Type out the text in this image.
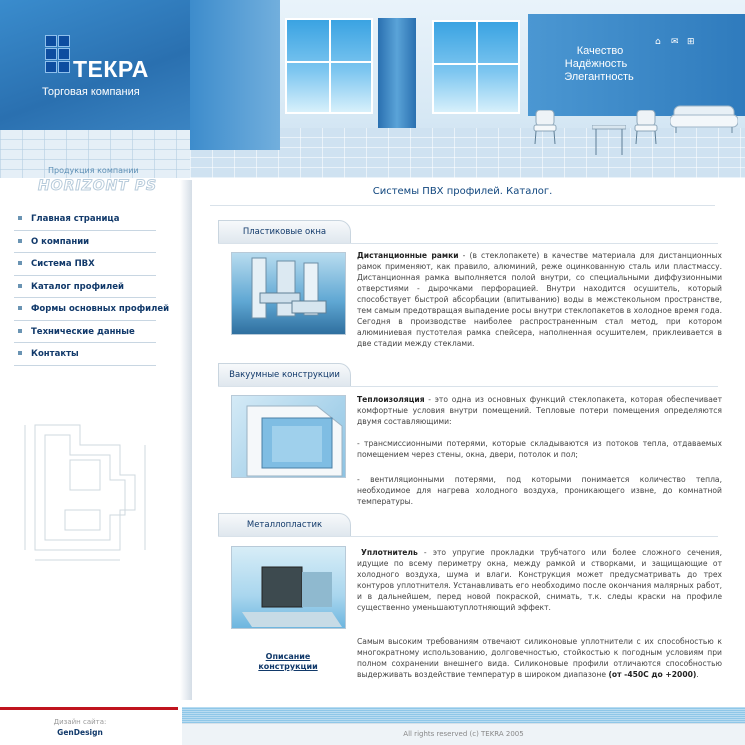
ТЕКРА
Торговая компания
⌂ ✉ ⊞
Качество
Надёжность
Элегантность
Продукция компании
HORIZONT PS
Главная страница
О компании
Система ПВХ
Каталог профилей
Формы основных профилей
Технические данные
Контакты
Системы ПВХ профилей. Каталог.
Пластиковые окна
Дистанционные рамки - (в стеклопакете) в качестве материала для дистанционных рамок применяют, как правило, алюминий, реже оцинкованную сталь или пластмассу. Дистанционная рамка выполняется полой внутри, со специальными диффузионными отверстиями - дырочками перфорацией. Внутри находится осушитель, который способствует быстрой абсорбации (впитыванию) воды в межстекольном пространстве, тем самым предотвращая выпадение росы внутри стеклопакетов в холодное время года. Сегодня в производстве наиболее распространенным стал метод, при котором алюминиевая пустотелая рамка спейсера, наполненная осушителем, приклеивается в две стадии между стеклами.
Вакуумные конструкции
Теплоизоляция - это одна из основных функций стеклопакета, которая обеспечивает комфортные условия внутри помещений. Тепловые потери помещения определяются двумя составляющими:
- трансмиссионными потерями, которые складываются из потоков тепла, отдаваемых помещением через стены, окна, двери, потолок и пол;
- вентиляционными потерями, под которыми понимается количество тепла, необходимое для нагрева холодного воздуха, проникающего извне, до комнатной температуры.
Металлопластик
Уплотнитель - это упругие прокладки трубчатого или более сложного сечения, идущие по всему периметру окна, между рамкой и створками, и защищающие от холодного воздуха, шума и влаги. Конструкция может предусматривать до трех контуров уплотнителя. Устанавливать его необходимо после окончания малярных работ, и в дальнейшем, перед новой покраской, снимать, т.к. следы краски на профиле существенно уменьшаютуплотняющий эффект.
Самым высоким требованиям отвечают силиконовые уплотнители с их способностью к многократному использованию, долговечностью, стойкостью к погодным условиям при полном сохранении внешнего вида. Силиконовые профили отличаются способностью выдерживать воздействие температур в широком диапазоне (от -450С до +2000).
Описание конструкции
Дизайн сайта:
GenDesign	All rights reserved (c) TEKRA 2005
